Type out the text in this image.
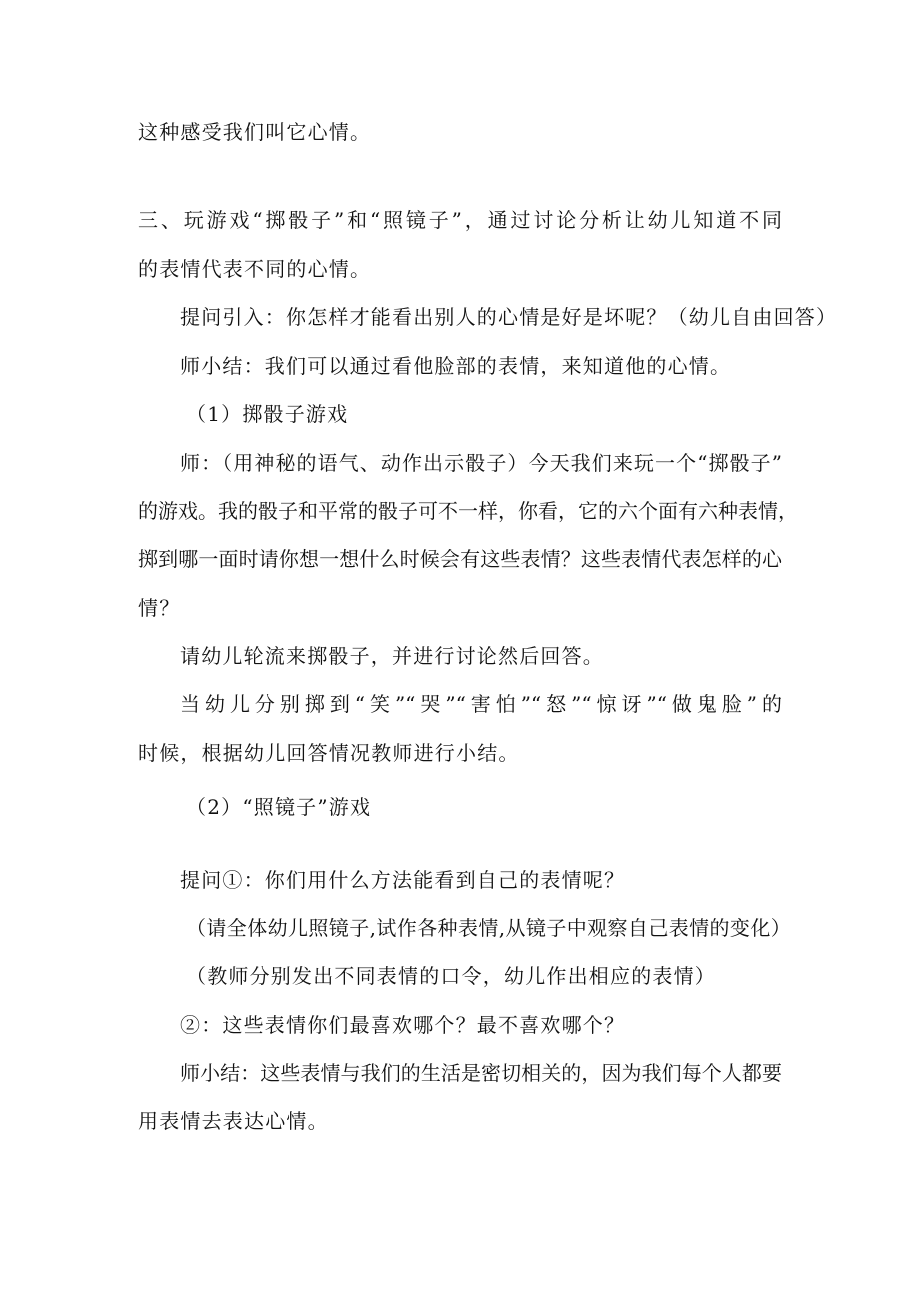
这种感受我们叫它心情。
三、玩游戏“掷骰子”和“照镜子”，通过讨论分析让幼儿知道不同
的表情代表不同的心情。
提问引入：你怎样才能看出别人的心情是好是坏呢？（幼儿自由回答）
师小结：我们可以通过看他脸部的表情，来知道他的心情。
（1）掷骰子游戏
师：（用神秘的语气、动作出示骰子）今天我们来玩一个“掷骰子”
的游戏。我的骰子和平常的骰子可不一样，你看，它的六个面有六种表情，
掷到哪一面时请你想一想什么时候会有这些表情？这些表情代表怎样的心
情？
请幼儿轮流来掷骰子，并进行讨论然后回答。
当幼儿分别掷到“笑”“哭”“害怕”“怒”“惊讶”“做鬼脸”的
时候，根据幼儿回答情况教师进行小结。
（2）“照镜子”游戏
提问①：你们用什么方法能看到自己的表情呢？
（请全体幼儿照镜子,试作各种表情,从镜子中观察自己表情的变化）
（教师分别发出不同表情的口令，幼儿作出相应的表情）
②：这些表情你们最喜欢哪个？最不喜欢哪个？
师小结：这些表情与我们的生活是密切相关的，因为我们每个人都要
用表情去表达心情。
